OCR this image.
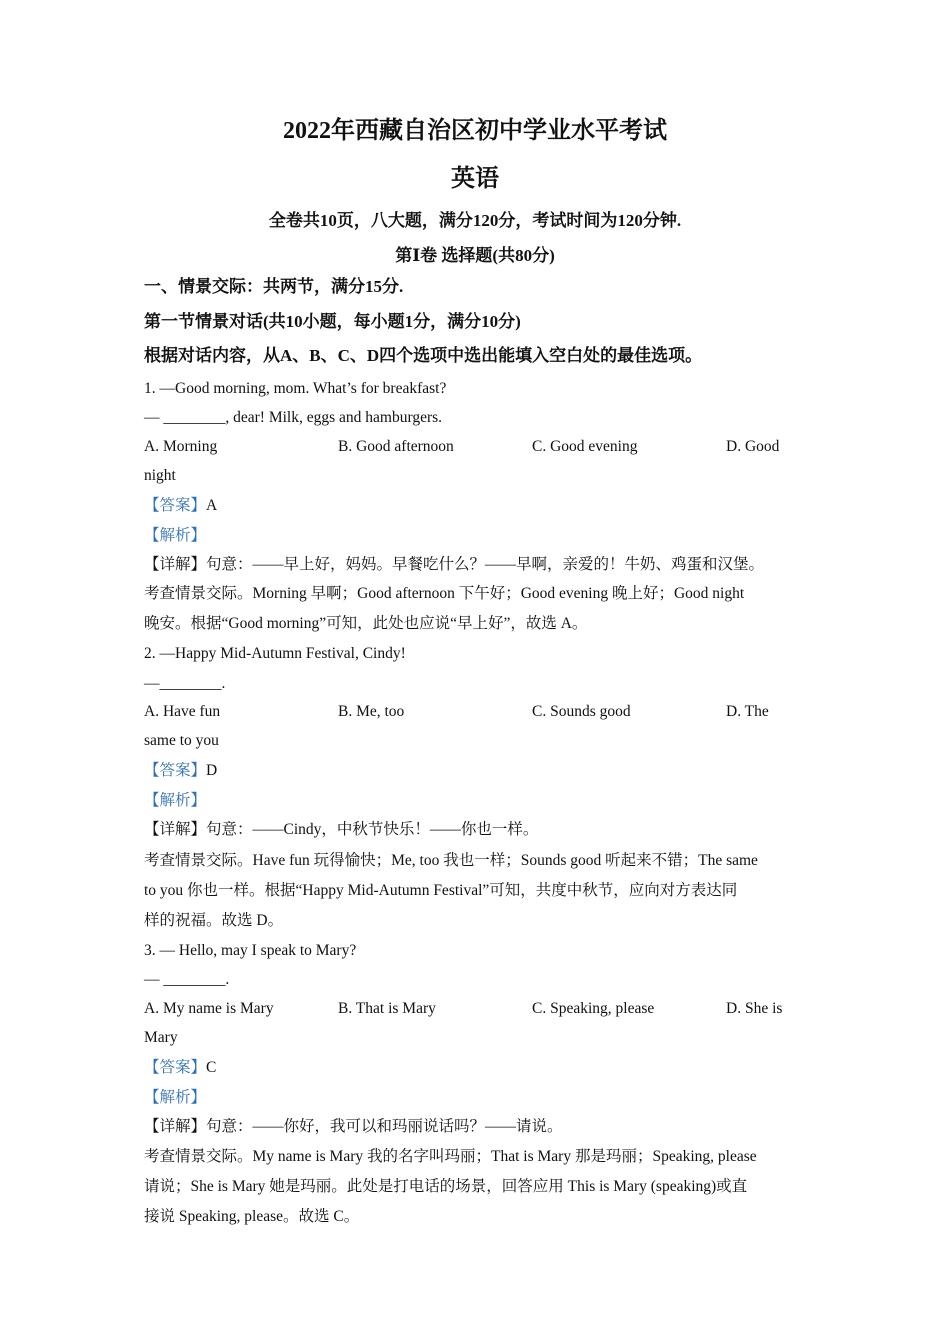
2022年西藏自治区初中学业水平考试
英语
全卷共10页，八大题，满分120分，考试时间为120分钟.
第Ⅰ卷 选择题(共80分)
一、情景交际：共两节，满分15分.
第一节情景对话(共10小题，每小题1分，满分10分)
根据对话内容，从A、B、C、D四个选项中选出能填入空白处的最佳选项。
1. —Good morning, mom. What’s for breakfast?
— ________, dear! Milk, eggs and hamburgers.
A. Morning	B. Good afternoon	C. Good evening	D. Good
night
【答案】A
【解析】
【详解】句意：——早上好，妈妈。早餐吃什么？——早啊，亲爱的！牛奶、鸡蛋和汉堡。
考查情景交际。Morning 早啊；Good afternoon 下午好；Good evening 晚上好；Good night
晚安。根据“Good morning”可知，此处也应说“早上好”，故选 A。
2. —Happy Mid-Autumn Festival, Cindy!
—________.
A. Have fun	B. Me, too	C. Sounds good	D. The
same to you
【答案】D
【解析】
【详解】句意：——Cindy，中秋节快乐！——你也一样。
考查情景交际。Have fun 玩得愉快；Me, too 我也一样；Sounds good 听起来不错；The same
to you 你也一样。根据“Happy Mid-Autumn Festival”可知，共度中秋节，应向对方表达同
样的祝福。故选 D。
3. — Hello, may I speak to Mary?
— ________.
A. My name is Mary	B. That is Mary	C. Speaking, please	D. She is
Mary
【答案】C
【解析】
【详解】句意：——你好，我可以和玛丽说话吗？——请说。
考查情景交际。My name is Mary 我的名字叫玛丽；That is Mary 那是玛丽；Speaking, please
请说；She is Mary 她是玛丽。此处是打电话的场景，回答应用 This is Mary (speaking)或直
接说 Speaking, please。故选 C。
